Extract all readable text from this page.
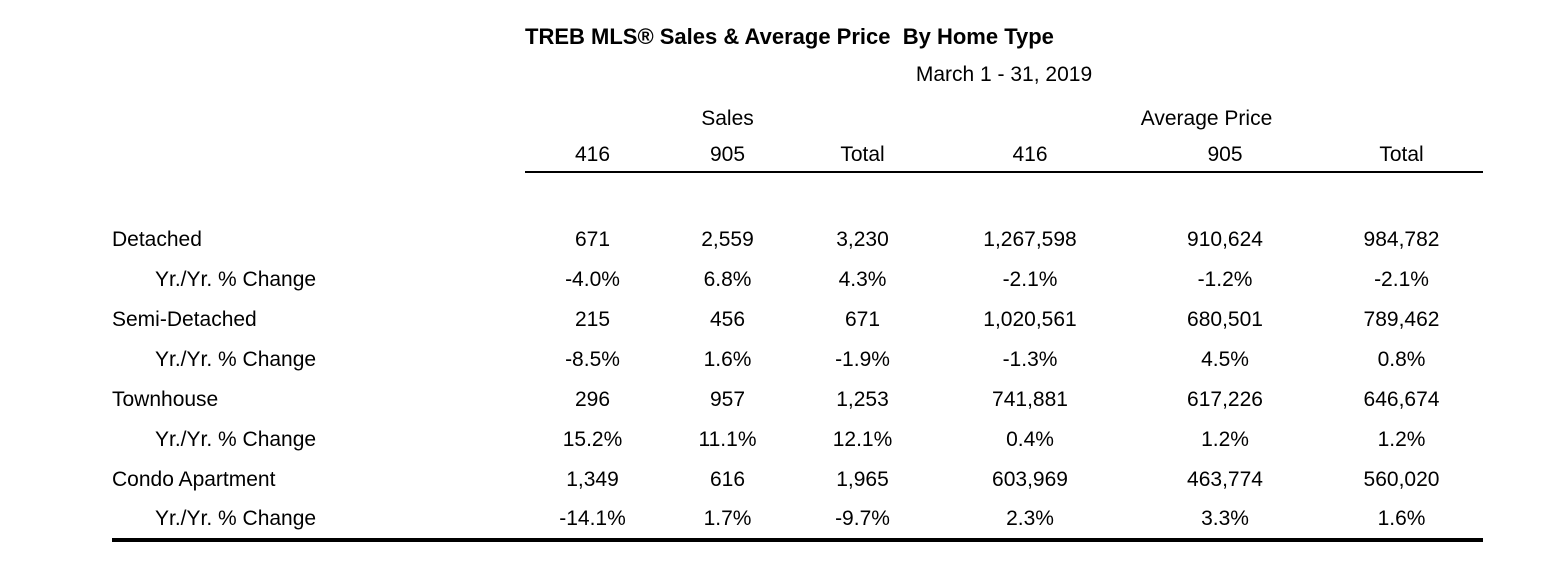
TREB MLS® Sales & Average Price  By Home Type
March 1 - 31, 2019
	Sales			Average Price		
	416	905	Total	416	905	Total

Detached	671	2,559	3,230	1,267,598	910,624	984,782
Yr./Yr. % Change	-4.0%	6.8%	4.3%	-2.1%	-1.2%	-2.1%
Semi-Detached	215	456	671	1,020,561	680,501	789,462
Yr./Yr. % Change	-8.5%	1.6%	-1.9%	-1.3%	4.5%	0.8%
Townhouse	296	957	1,253	741,881	617,226	646,674
Yr./Yr. % Change	15.2%	11.1%	12.1%	0.4%	1.2%	1.2%
Condo Apartment	1,349	616	1,965	603,969	463,774	560,020
Yr./Yr. % Change	-14.1%	1.7%	-9.7%	2.3%	3.3%	1.6%
